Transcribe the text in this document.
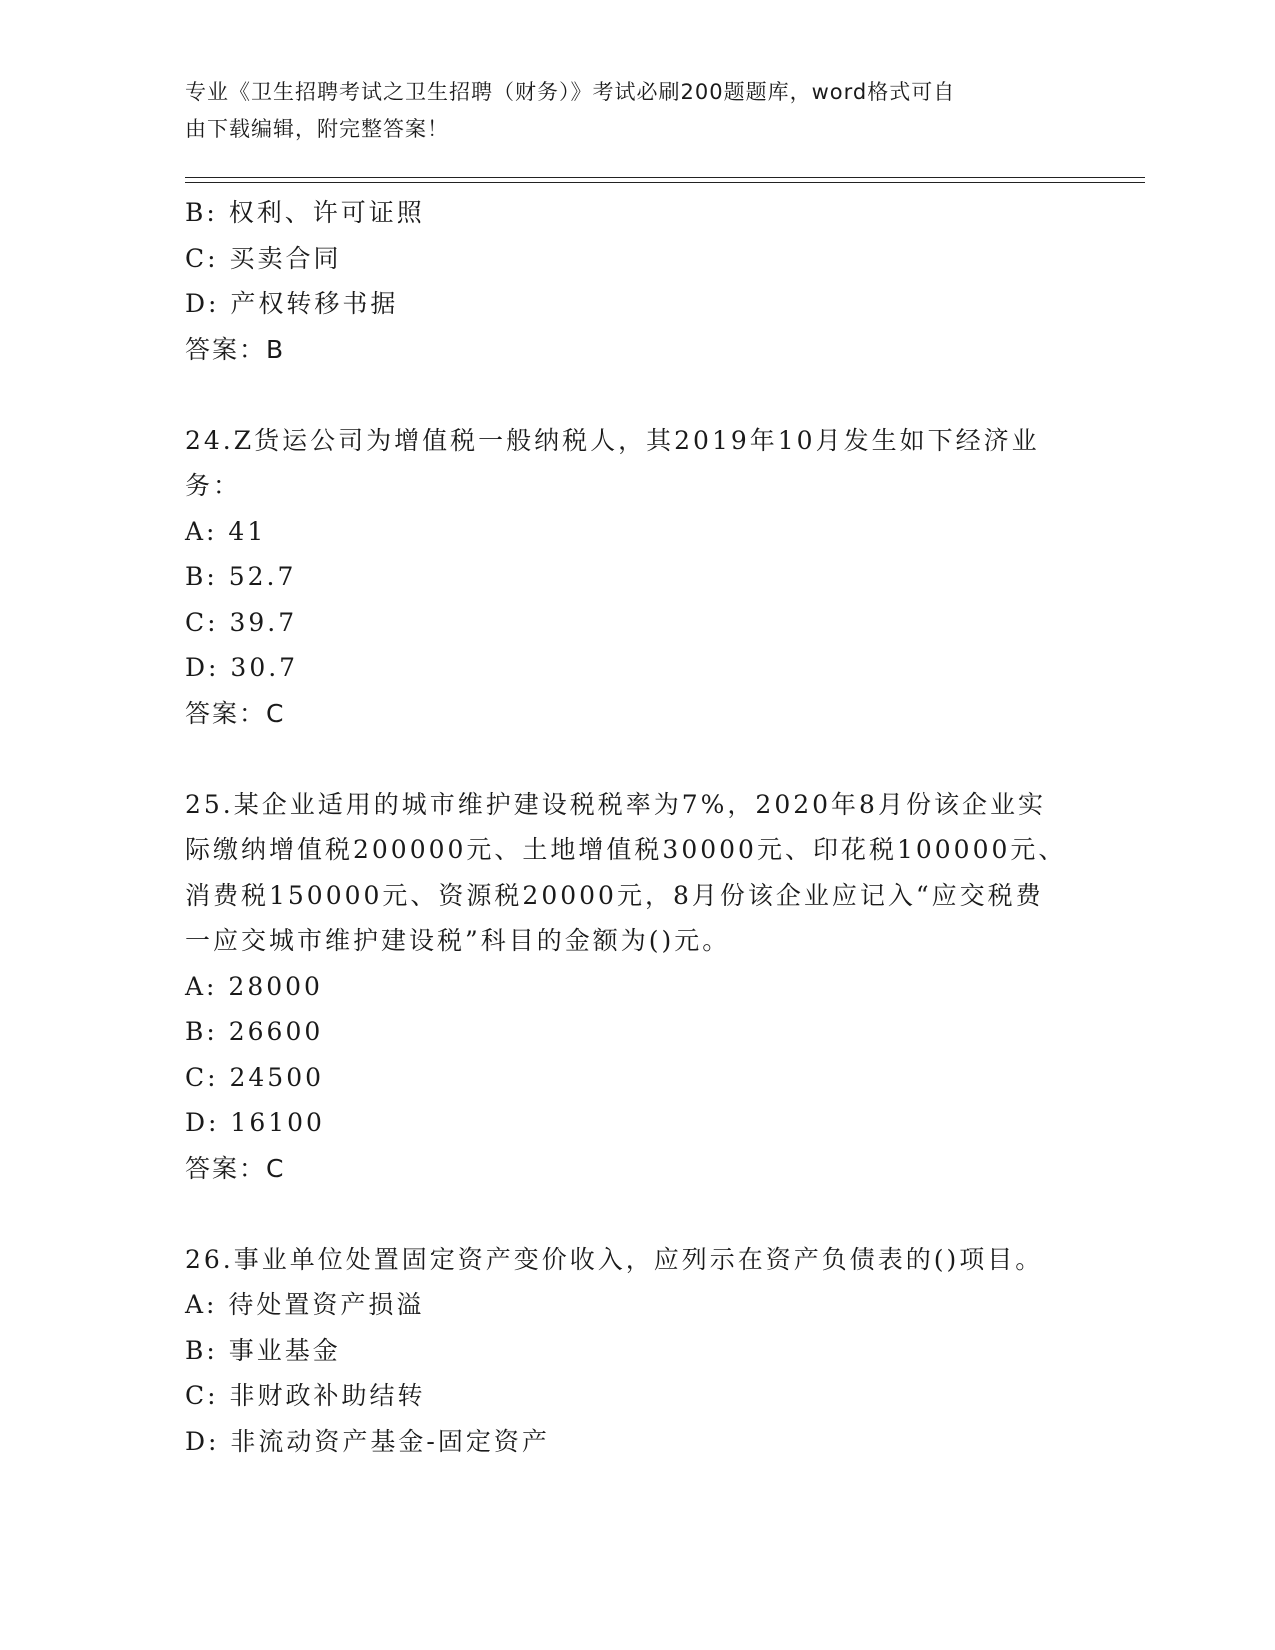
专业《卫生招聘考试之卫生招聘（财务）》考试必刷200题题库，word格式可自
由下载编辑，附完整答案！
B: 权利、许可证照
C: 买卖合同
D: 产权转移书据
答案：B
24.Z货运公司为增值税一般纳税人，其2019年10月发生如下经济业
务：
A: 41
B: 52.7
C: 39.7
D: 30.7
答案：C
25.某企业适用的城市维护建设税税率为7%，2020年8月份该企业实
际缴纳增值税200000元、土地增值税30000元、印花税100000元、
消费税150000元、资源税20000元，8月份该企业应记入“应交税费
一应交城市维护建设税”科目的金额为()元。
A: 28000
B: 26600
C: 24500
D: 16100
答案：C
26.事业单位处置固定资产变价收入，应列示在资产负债表的()项目。
A: 待处置资产损溢
B: 事业基金
C: 非财政补助结转
D: 非流动资产基金-固定资产
